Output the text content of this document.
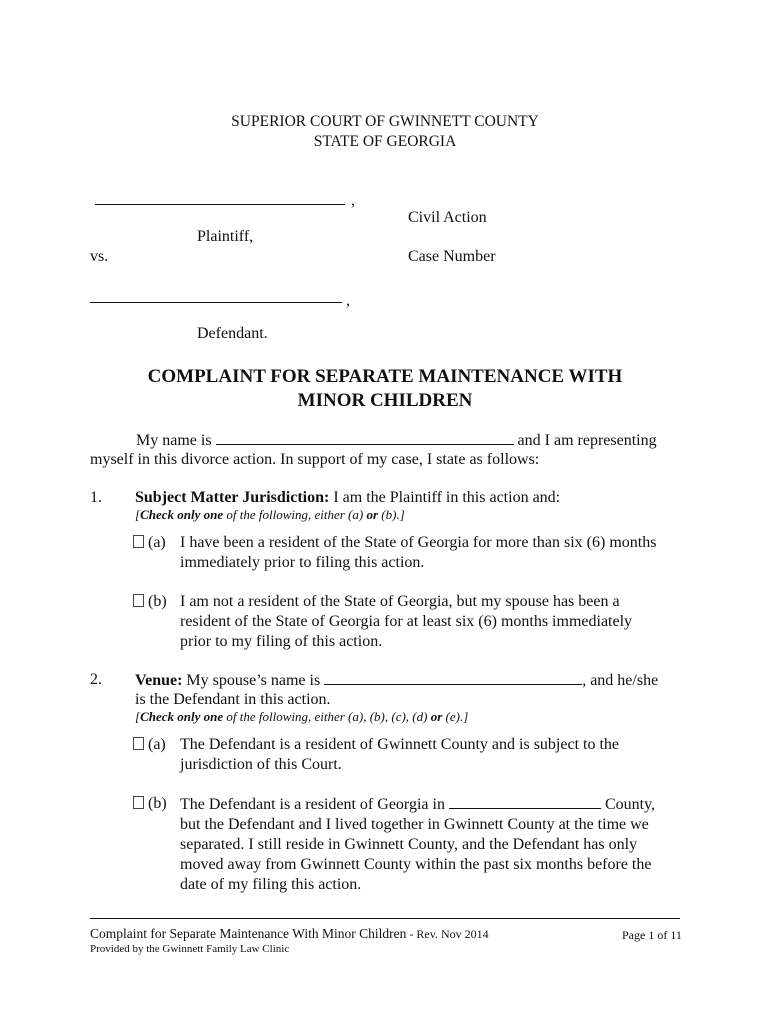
SUPERIOR COURT OF GWINNETT COUNTY
STATE OF GEORGIA
,
Civil Action
Plaintiff,
vs.	Case Number
,
Defendant.
COMPLAINT FOR SEPARATE MAINTENANCE WITH
MINOR CHILDREN
My name is	and I am representing
myself in this divorce action. In support of my case, I state as follows:
1. Subject Matter Jurisdiction: I am the Plaintiff in this action and:
[Check only one of the following, either (a) or (b).]
(a) I have been a resident of the State of Georgia for more than six (6) months immediately prior to filing this action.
(b) I am not a resident of the State of Georgia, but my spouse has been a resident of the State of Georgia for at least six (6) months immediately prior to my filing of this action.
2. Venue: My spouse’s name is	, and he/she
is the Defendant in this action.
[Check only one of the following, either (a), (b), (c), (d) or (e).]
(a) The Defendant is a resident of Gwinnett County and is subject to the jurisdiction of this Court.
(b) The Defendant is a resident of Georgia in	County, but the Defendant and I lived together in Gwinnett County at the time we separated. I still reside in Gwinnett County, and the Defendant has only moved away from Gwinnett County within the past six months before the date of my filing this action.
Complaint for Separate Maintenance With Minor Children - Rev. Nov 2014	Page 1 of 11
Provided by the Gwinnett Family Law Clinic
